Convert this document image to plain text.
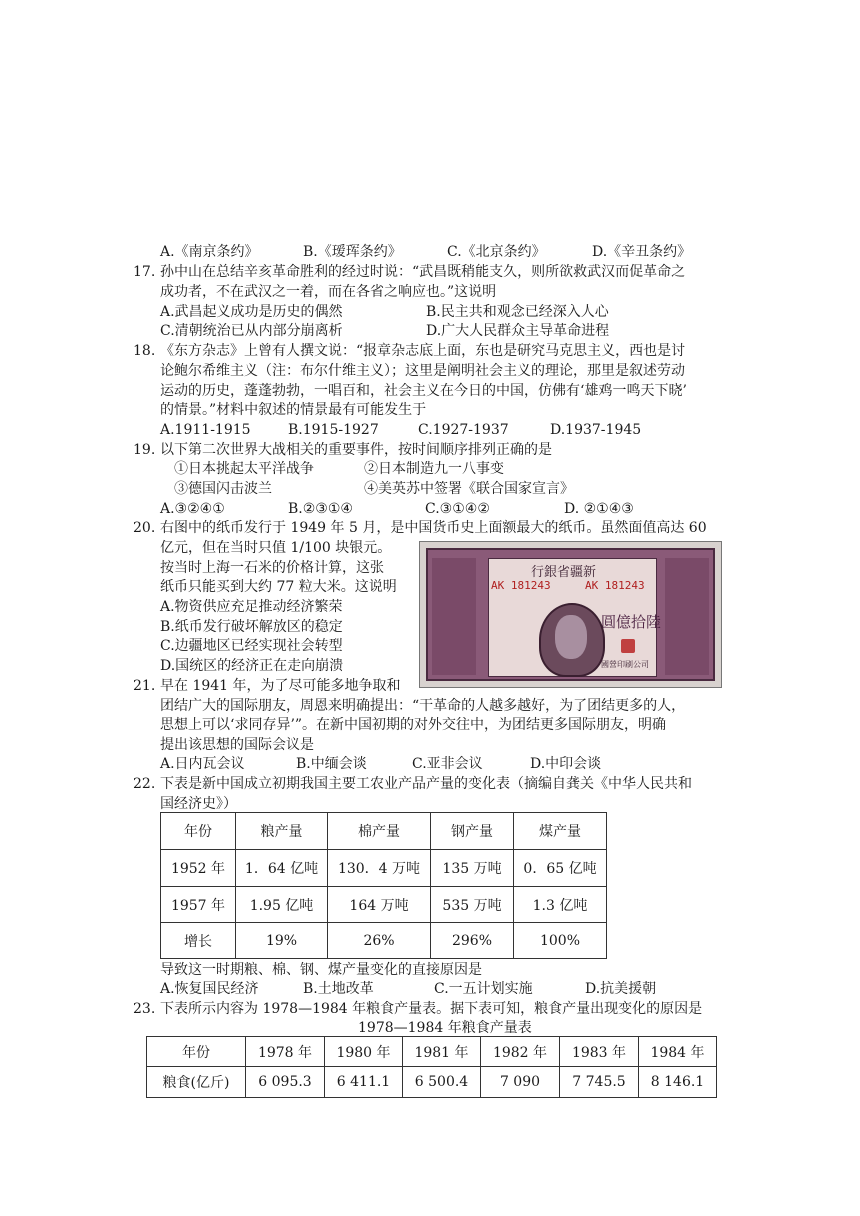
A.《南京条约》	B.《瑷珲条约》	C.《北京条约》	D.《辛丑条约》
17. 孙中山在总结辛亥革命胜利的经过时说：“武昌既稍能支久，则所欲救武汉而促革命之
成功者，不在武汉之一着，而在各省之响应也。”这说明
A.武昌起义成功是历史的偶然	B.民主共和观念已经深入人心
C.清朝统治已从内部分崩离析	D.广大人民群众主导革命进程
18. 《东方杂志》上曾有人撰文说：“报章杂志底上面，东也是研究马克思主义，西也是讨
论鲍尔希维主义（注：布尔什维主义）；这里是阐明社会主义的理论，那里是叙述劳动
运动的历史，蓬蓬勃勃，一唱百和，社会主义在今日的中国，仿佛有‘雄鸡一鸣天下晓’
的情景。”材料中叙述的情景最有可能发生于
A.1911-1915	B.1915-1927	C.1927-1937	D.1937-1945
19. 以下第二次世界大战相关的重要事件，按时间顺序排列正确的是
①日本挑起太平洋战争	②日本制造九一八事变
③德国闪击波兰	④美英苏中签署《联合国家宣言》
A.③②④①	B.②③①④	C.③①④②	D. ②①④③
20. 右图中的纸币发行于 1949 年 5 月，是中国货币史上面额最大的纸币。虽然面值高达 60
亿元，但在当时只值 1/100 块银元。
按当时上海一石米的价格计算，这张
纸币只能买到大约 77 粒大米。这说明
A.物资供应充足推动经济繁荣
B.纸币发行破坏解放区的稳定
C.边疆地区已经实现社会转型
D.国统区的经济正在走向崩溃
行銀省疆新
AK 181243	AK 181243
圓億拾陸
國營印刷公司
21. 早在 1941 年，为了尽可能多地争取和
团结广大的国际朋友，周恩来明确提出：“干革命的人越多越好，为了团结更多的人，
思想上可以‘求同存异’”。在新中国初期的对外交往中，为团结更多国际朋友，明确
提出该思想的国际会议是
A.日内瓦会议	B.中缅会谈	C.亚非会议	D.中印会谈
22. 下表是新中国成立初期我国主要工农业产品产量的变化表（摘编自龚关《中华人民共和
国经济史》）
年份	粮产量	棉产量	钢产量	煤产量
1952 年	1．64 亿吨	130．4 万吨	135 万吨	0．65 亿吨
1957 年	1.95 亿吨	164 万吨	535 万吨	1.3 亿吨
增长	19%	26%	296%	100%
导致这一时期粮、棉、钢、煤产量变化的直接原因是
A.恢复国民经济	B.土地改革	C.一五计划实施	D.抗美援朝
23. 下表所示内容为 1978—1984 年粮食产量表。据下表可知，粮食产量出现变化的原因是
1978—1984 年粮食产量表
年份	1978 年	1980 年	1981 年	1982 年	1983 年	1984 年
粮食(亿斤)	6 095.3	6 411.1	6 500.4	7 090	7 745.5	8 146.1
